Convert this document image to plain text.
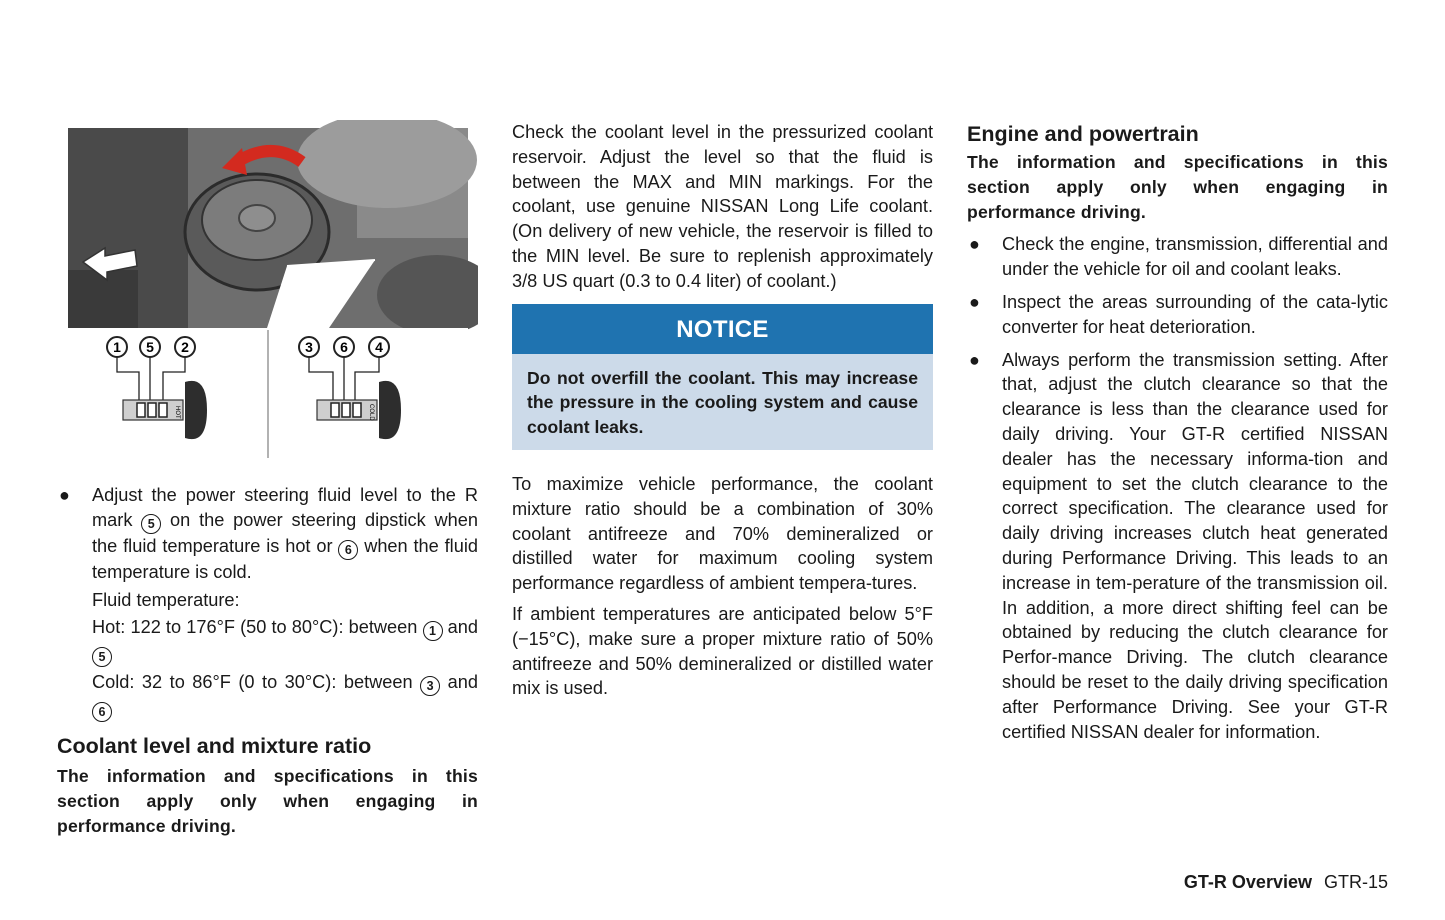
1 5 2
HOT
3 6 4
COLD
● Adjust the power steering fluid level to the R mark 5 on the power steering dipstick when the fluid temperature is hot or 6 when the fluid temperature is cold.

Fluid temperature:

Hot: 122 to 176°F (50 to 80°C): between 1 and 5

Cold: 32 to 86°F (0 to 30°C): between 3 and 6

Coolant level and mixture ratio

The information and specifications in this section apply only when engaging in performance driving.

Check the coolant level in the pressurized coolant reservoir. Adjust the level so that the fluid is between the MAX and MIN markings. For the coolant, use genuine NISSAN Long Life coolant. (On delivery of new vehicle, the reservoir is filled to the MIN level. Be sure to replenish approximately 3/8 US quart (0.3 to 0.4 liter) of coolant.)

NOTICE
Do not overfill the coolant. This may increase the pressure in the cooling system and cause coolant leaks.

To maximize vehicle performance, the coolant mixture ratio should be a combination of 30% coolant antifreeze and 70% demineralized or distilled water for maximum cooling system performance regardless of ambient tempera-tures.

If ambient temperatures are anticipated below 5°F (−15°C), make sure a proper mixture ratio of 50% antifreeze and 50% demineralized or distilled water mix is used.

Engine and powertrain

The information and specifications in this section apply only when engaging in performance driving.

● Check the engine, transmission, differential and under the vehicle for oil and coolant leaks.

● Inspect the areas surrounding of the cata-lytic converter for heat deterioration.

● Always perform the transmission setting. After that, adjust the clutch clearance so that the clearance is less than the clearance used for daily driving. Your GT-R certified NISSAN dealer has the necessary informa-tion and equipment to set the clutch clearance to the correct specification. The clearance used for daily driving increases clutch heat generated during Performance Driving. This leads to an increase in tem-perature of the transmission oil. In addition, a more direct shifting feel can be obtained by reducing the clutch clearance for Perfor-mance Driving. The clutch clearance should be reset to the daily driving specification after Performance Driving. See your GT-R certified NISSAN dealer for information.

GT-R Overview GTR-15
